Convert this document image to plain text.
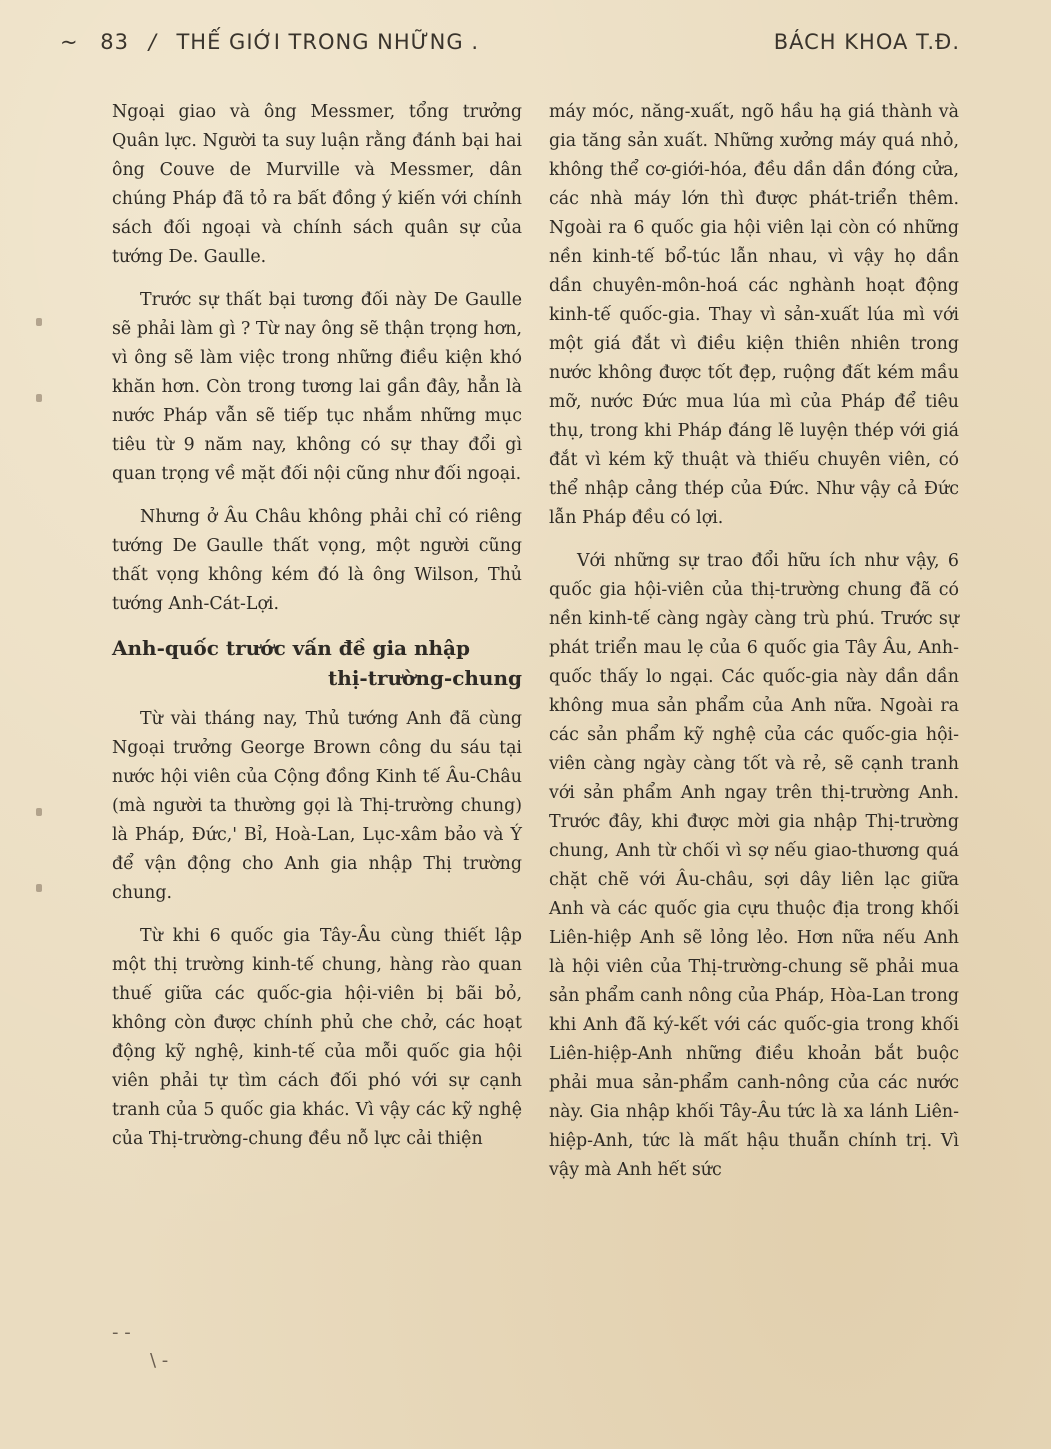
~ 83 / THẾ GIỚI TRONG NHỮNG .	BÁCH KHOA T.Đ.

Ngoại giao và ông Messmer, tổng trưởng Quân lực. Người ta suy luận rằng đánh bại hai ông Couve de Murville và Messmer, dân chúng Pháp đã tỏ ra bất đồng ý kiến với chính sách đối ngoại và chính sách quân sự của tướng De. Gaulle.

Trước sự thất bại tương đối này De Gaulle sẽ phải làm gì ? Từ nay ông sẽ thận trọng hơn, vì ông sẽ làm việc trong những điều kiện khó khăn hơn. Còn trong tương lai gần đây, hẳn là nước Pháp vẫn sẽ tiếp tục nhắm những mục tiêu từ 9 năm nay, không có sự thay đổi gì quan trọng về mặt đối nội cũng như đối ngoại.

Nhưng ở Âu Châu không phải chỉ có riêng tướng De Gaulle thất vọng, một người cũng thất vọng không kém đó là ông Wilson, Thủ tướng Anh-Cát-Lợi.

Anh-quốc trước vấn đề gia nhập
thị-trường-chung

Từ vài tháng nay, Thủ tướng Anh đã cùng Ngoại trưởng George Brown công du sáu tại nước hội viên của Cộng đồng Kinh tế Âu-Châu (mà người ta thường gọi là Thị-trường chung) là Pháp, Đức,' Bỉ, Hoà-Lan, Lục-xâm bảo và Ý để vận động cho Anh gia nhập Thị trường chung.

Từ khi 6 quốc gia Tây-Âu cùng thiết lập một thị trường kinh-tế chung, hàng rào quan thuế giữa các quốc-gia hội-viên bị bãi bỏ, không còn được chính phủ che chở, các hoạt động kỹ nghệ, kinh-tế của mỗi quốc gia hội viên phải tự tìm cách đối phó với sự cạnh tranh của 5 quốc gia khác. Vì vậy các kỹ nghệ của Thị-trường-chung đều nỗ lực cải thiện

máy móc, năng-xuất, ngõ hầu hạ giá thành và gia tăng sản xuất. Những xưởng máy quá nhỏ, không thể cơ-giới-hóa, đều dần dần đóng cửa, các nhà máy lớn thì được phát-triển thêm. Ngoài ra 6 quốc gia hội viên lại còn có những nền kinh-tế bổ-túc lẫn nhau, vì vậy họ dần dần chuyên-môn-hoá các nghành hoạt động kinh-tế quốc-gia. Thay vì sản-xuất lúa mì với một giá đắt vì điều kiện thiên nhiên trong nước không được tốt đẹp, ruộng đất kém mầu mỡ, nước Đức mua lúa mì của Pháp để tiêu thụ, trong khi Pháp đáng lẽ luyện thép với giá đắt vì kém kỹ thuật và thiếu chuyên viên, có thể nhập cảng thép của Đức. Như vậy cả Đức lẫn Pháp đều có lợi.

Với những sự trao đổi hữu ích như vậy, 6 quốc gia hội-viên của thị-trường chung đã có nền kinh-tế càng ngày càng trù phú. Trước sự phát triển mau lẹ của 6 quốc gia Tây Âu, Anh-quốc thấy lo ngại. Các quốc-gia này dần dần không mua sản phẩm của Anh nữa. Ngoài ra các sản phẩm kỹ nghệ của các quốc-gia hội-viên càng ngày càng tốt và rẻ, sẽ cạnh tranh với sản phẩm Anh ngay trên thị-trường Anh. Trước đây, khi được mời gia nhập Thị-trường chung, Anh từ chối vì sợ nếu giao-thương quá chặt chẽ với Âu-châu, sợi dây liên lạc giữa Anh và các quốc gia cựu thuộc địa trong khối Liên-hiệp Anh sẽ lỏng lẻo. Hơn nữa nếu Anh là hội viên của Thị-trường-chung sẽ phải mua sản phẩm canh nông của Pháp, Hòa-Lan trong khi Anh đã ký-kết với các quốc-gia trong khối Liên-hiệp-Anh những điều khoản bắt buộc phải mua sản-phẩm canh-nông của các nước này. Gia nhập khối Tây-Âu tức là xa lánh Liên-hiệp-Anh, tức là mất hậu thuẫn chính trị. Vì vậy mà Anh hết sức

- -
\ -
